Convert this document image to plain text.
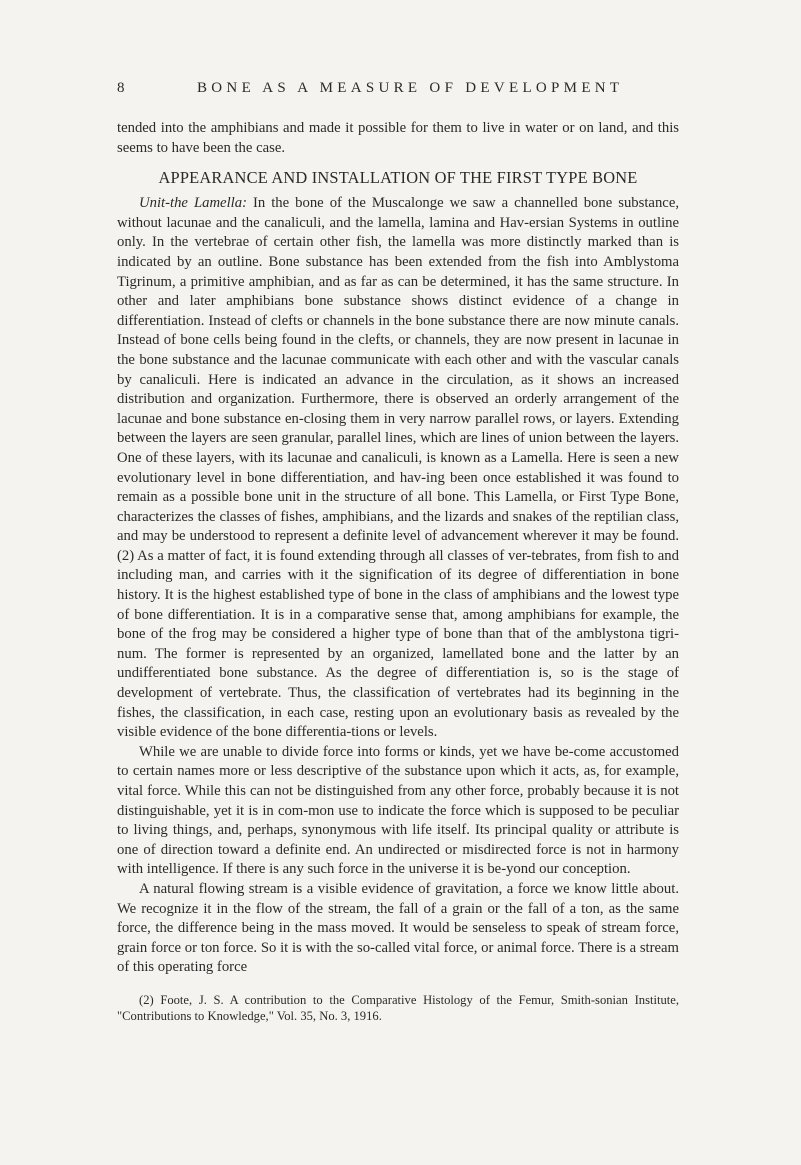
8	BONE AS A MEASURE OF DEVELOPMENT

tended into the amphibians and made it possible for them to live in water or on land, and this seems to have been the case.

APPEARANCE AND INSTALLATION OF THE FIRST TYPE BONE

Unit-the Lamella: In the bone of the Muscalonge we saw a channelled bone substance, without lacunae and the canaliculi, and the lamella, lamina and Hav-ersian Systems in outline only. In the vertebrae of certain other fish, the lamella was more distinctly marked than is indicated by an outline. Bone substance has been extended from the fish into Amblystoma Tigrinum, a primitive amphibian, and as far as can be determined, it has the same structure. In other and later amphibians bone substance shows distinct evidence of a change in differentiation. Instead of clefts or channels in the bone substance there are now minute canals. Instead of bone cells being found in the clefts, or channels, they are now present in lacunae in the bone substance and the lacunae communicate with each other and with the vascular canals by canaliculi. Here is indicated an advance in the circulation, as it shows an increased distribution and organization. Furthermore, there is observed an orderly arrangement of the lacunae and bone substance en-closing them in very narrow parallel rows, or layers. Extending between the layers are seen granular, parallel lines, which are lines of union between the layers. One of these layers, with its lacunae and canaliculi, is known as a Lamella. Here is seen a new evolutionary level in bone differentiation, and hav-ing been once established it was found to remain as a possible bone unit in the structure of all bone. This Lamella, or First Type Bone, characterizes the classes of fishes, amphibians, and the lizards and snakes of the reptilian class, and may be understood to represent a definite level of advancement wherever it may be found. (2) As a matter of fact, it is found extending through all classes of ver-tebrates, from fish to and including man, and carries with it the signification of its degree of differentiation in bone history. It is the highest established type of bone in the class of amphibians and the lowest type of bone differentiation. It is in a comparative sense that, among amphibians for example, the bone of the frog may be considered a higher type of bone than that of the amblystona tigri-num. The former is represented by an organized, lamellated bone and the latter by an undifferentiated bone substance. As the degree of differentiation is, so is the stage of development of vertebrate. Thus, the classification of vertebrates had its beginning in the fishes, the classification, in each case, resting upon an evolutionary basis as revealed by the visible evidence of the bone differentia-tions or levels.

While we are unable to divide force into forms or kinds, yet we have be-come accustomed to certain names more or less descriptive of the substance upon which it acts, as, for example, vital force. While this can not be distinguished from any other force, probably because it is not distinguishable, yet it is in com-mon use to indicate the force which is supposed to be peculiar to living things, and, perhaps, synonymous with life itself. Its principal quality or attribute is one of direction toward a definite end. An undirected or misdirected force is not in harmony with intelligence. If there is any such force in the universe it is be-yond our conception.

A natural flowing stream is a visible evidence of gravitation, a force we know little about. We recognize it in the flow of the stream, the fall of a grain or the fall of a ton, as the same force, the difference being in the mass moved. It would be senseless to speak of stream force, grain force or ton force. So it is with the so-called vital force, or animal force. There is a stream of this operating force

(2) Foote, J. S. A contribution to the Comparative Histology of the Femur, Smith-sonian Institute, "Contributions to Knowledge," Vol. 35, No. 3, 1916.
